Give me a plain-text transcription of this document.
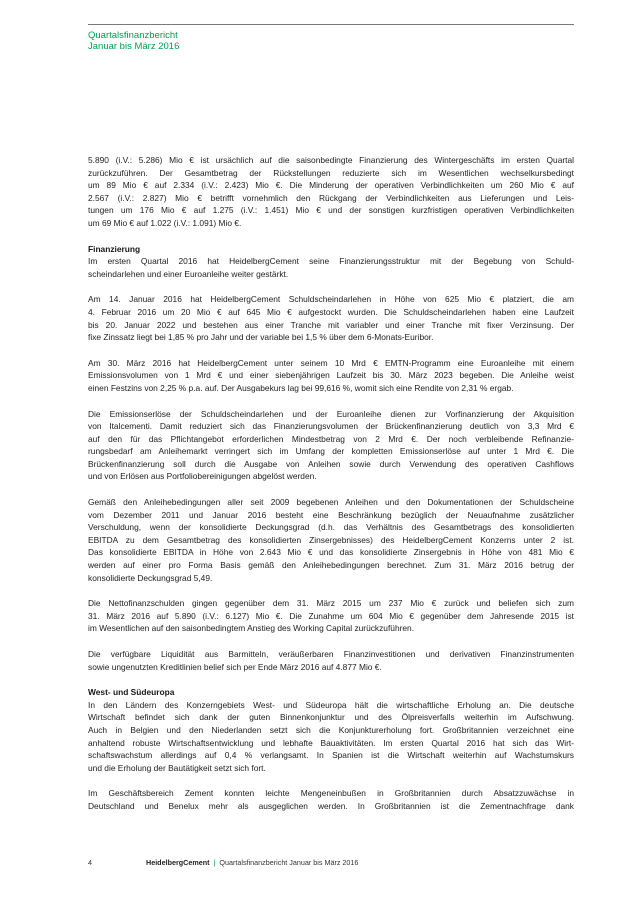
Quartalsfinanzbericht
Januar bis März 2016
5.890 (i.V.: 5.286) Mio € ist ursächlich auf die saisonbedingte Finanzierung des Wintergeschäfts im ersten Quartal
zurückzuführen. Der Gesamtbetrag der Rückstellungen reduzierte sich im Wesentlichen wechselkursbedingt
um 89 Mio € auf 2.334 (i.V.: 2.423) Mio €. Die Minderung der operativen Verbindlichkeiten um 260 Mio € auf
2.567 (i.V.: 2.827) Mio € betrifft vornehmlich den Rückgang der Verbindlichkeiten aus Lieferungen und Leis-
tungen um 176 Mio € auf 1.275 (i.V.: 1.451) Mio € und der sonstigen kurzfristigen operativen Verbindlichkeiten
um 69 Mio € auf 1.022 (i.V.: 1.091) Mio €.
Finanzierung
Im ersten Quartal 2016 hat HeidelbergCement seine Finanzierungsstruktur mit der Begebung von Schuld-
scheindarlehen und einer Euroanleihe weiter gestärkt.
Am 14. Januar 2016 hat HeidelbergCement Schuldscheindarlehen in Höhe von 625 Mio € platziert, die am
4. Februar 2016 um 20 Mio € auf 645 Mio € aufgestockt wurden. Die Schuldscheindarlehen haben eine Laufzeit
bis 20. Januar 2022 und bestehen aus einer Tranche mit variabler und einer Tranche mit fixer Verzinsung. Der
fixe Zinssatz liegt bei 1,85 % pro Jahr und der variable bei 1,5 % über dem 6-Monats-Euribor.
Am 30. März 2016 hat HeidelbergCement unter seinem 10 Mrd € EMTN-Programm eine Euroanleihe mit einem
Emissionsvolumen von 1 Mrd € und einer siebenjährigen Laufzeit bis 30. März 2023 begeben. Die Anleihe weist
einen Festzins von 2,25 % p.a. auf. Der Ausgabekurs lag bei 99,616 %, womit sich eine Rendite von 2,31 % ergab.
Die Emissionserlöse der Schuldscheindarlehen und der Euroanleihe dienen zur Vorfinanzierung der Akquisition
von Italcementi. Damit reduziert sich das Finanzierungsvolumen der Brückenfinanzierung deutlich von 3,3 Mrd €
auf den für das Pflichtangebot erforderlichen Mindestbetrag von 2 Mrd €. Der noch verbleibende Refinanzie-
rungsbedarf am Anleihemarkt verringert sich im Umfang der kompletten Emissionserlöse auf unter 1 Mrd €. Die
Brückenfinanzierung soll durch die Ausgabe von Anleihen sowie durch Verwendung des operativen Cashflows
und von Erlösen aus Portfoliobereinigungen abgelöst werden.
Gemäß den Anleihebedingungen aller seit 2009 begebenen Anleihen und den Dokumentationen der Schuldscheine
vom Dezember 2011 und Januar 2016 besteht eine Beschränkung bezüglich der Neuaufnahme zusätzlicher
Verschuldung, wenn der konsolidierte Deckungsgrad (d.h. das Verhältnis des Gesamtbetrags des konsolidierten
EBITDA zu dem Gesamtbetrag des konsolidierten Zinsergebnisses) des HeidelbergCement Konzerns unter 2 ist.
Das konsolidierte EBITDA in Höhe von 2.643 Mio € und das konsolidierte Zinsergebnis in Höhe von 481 Mio €
werden auf einer pro Forma Basis gemäß den Anleihebedingungen berechnet. Zum 31. März 2016 betrug der
konsolidierte Deckungsgrad 5,49.
Die Nettofinanzschulden gingen gegenüber dem 31. März 2015 um 237 Mio € zurück und beliefen sich zum
31. März 2016 auf 5.890 (i.V.: 6.127) Mio €. Die Zunahme um 604 Mio € gegenüber dem Jahresende 2015 ist
im Wesentlichen auf den saisonbedingtem Anstieg des Working Capital zurückzuführen.
Die verfügbare Liquidität aus Barmitteln, veräußerbaren Finanzinvestitionen und derivativen Finanzinstrumenten
sowie ungenutzten Kreditlinien belief sich per Ende März 2016 auf 4.877 Mio €.
West- und Südeuropa
In den Ländern des Konzerngebiets West- und Südeuropa hält die wirtschaftliche Erholung an. Die deutsche
Wirtschaft befindet sich dank der guten Binnenkonjunktur und des Ölpreisverfalls weiterhin im Aufschwung.
Auch in Belgien und den Niederlanden setzt sich die Konjunkturerholung fort. Großbritannien verzeichnet eine
anhaltend robuste Wirtschaftsentwicklung und lebhafte Bauaktivitäten. Im ersten Quartal 2016 hat sich das Wirt-
schaftswachstum allerdings auf 0,4 % verlangsamt. In Spanien ist die Wirtschaft weiterhin auf Wachstumskurs
und die Erholung der Bautätigkeit setzt sich fort.
Im Geschäftsbereich Zement konnten leichte Mengeneinbußen in Großbritannien durch Absatzzuwächse in
Deutschland und Benelux mehr als ausgeglichen werden. In Großbritannien ist die Zementnachfrage dank
4	HeidelbergCement | Quartalsfinanzbericht Januar bis März 2016
